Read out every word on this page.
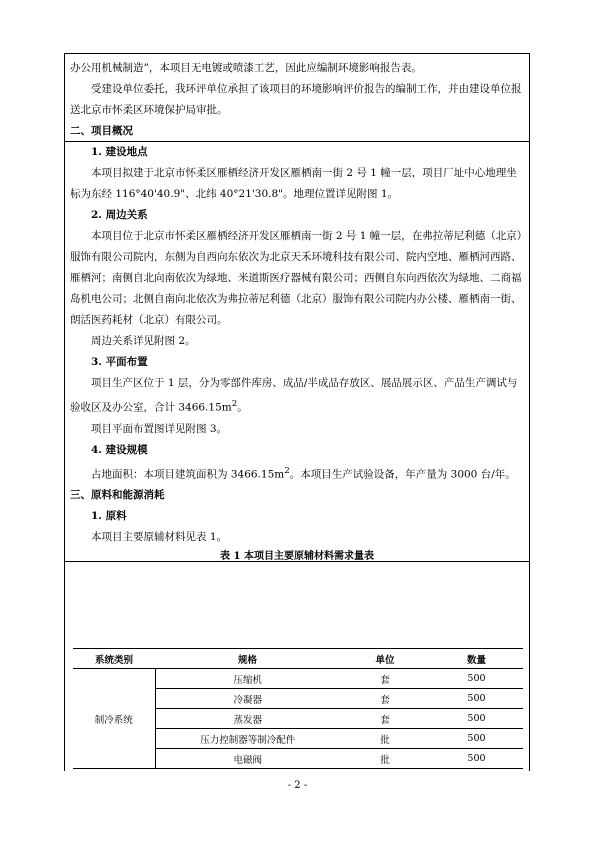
办公用机械制造”，本项目无电镀或喷漆工艺，因此应编制环境影响报告表。
受建设单位委托，我环评单位承担了该项目的环境影响评价报告的编制工作，并由建设单位报送北京市怀柔区环境保护局审批。
二、项目概况
1. 建设地点
本项目拟建于北京市怀柔区雁栖经济开发区雁栖南一街 2 号 1 幢一层，项目厂址中心地理坐标为东经 116°40'40.9"、北纬 40°21'30.8"。地理位置详见附图 1。
2. 周边关系
本项目位于北京市怀柔区雁栖经济开发区雁栖南一街 2 号 1 幢一层，在弗拉蒂尼利德（北京）服饰有限公司院内，东侧为自西向东依次为北京天禾环境科技有限公司、院内空地、雁栖河西路、雁栖河；南侧自北向南依次为绿地、米道斯医疗器械有限公司；西侧自东向西依次为绿地、二商福岛机电公司；北侧自南向北依次为弗拉蒂尼利德（北京）服饰有限公司院内办公楼、雁栖南一街、朗活医药耗材（北京）有限公司。
周边关系详见附图 2。
3. 平面布置
项目生产区位于 1 层，分为零部件库房、成品/半成品存放区、展品展示区、产品生产调试与验收区及办公室，合计 $3466.15m^2$。
项目平面布置图详见附图 3。
4. 建设规模
占地面积：本项目建筑面积为 $3466.15m^2$。本项目生产试验设备，年产量为 3000 台/年。
三、原料和能源消耗
1. 原料
本项目主要原辅材料见表 1。
表 1 本项目主要原辅材料需求量表
系统类别	规格	单位	数量
制冷系统	压缩机	套	500
	冷凝器	套	500
	蒸发器	套	500
	压力控制器等制冷配件	批	500
	电磁阀	批	500
- 2 -
